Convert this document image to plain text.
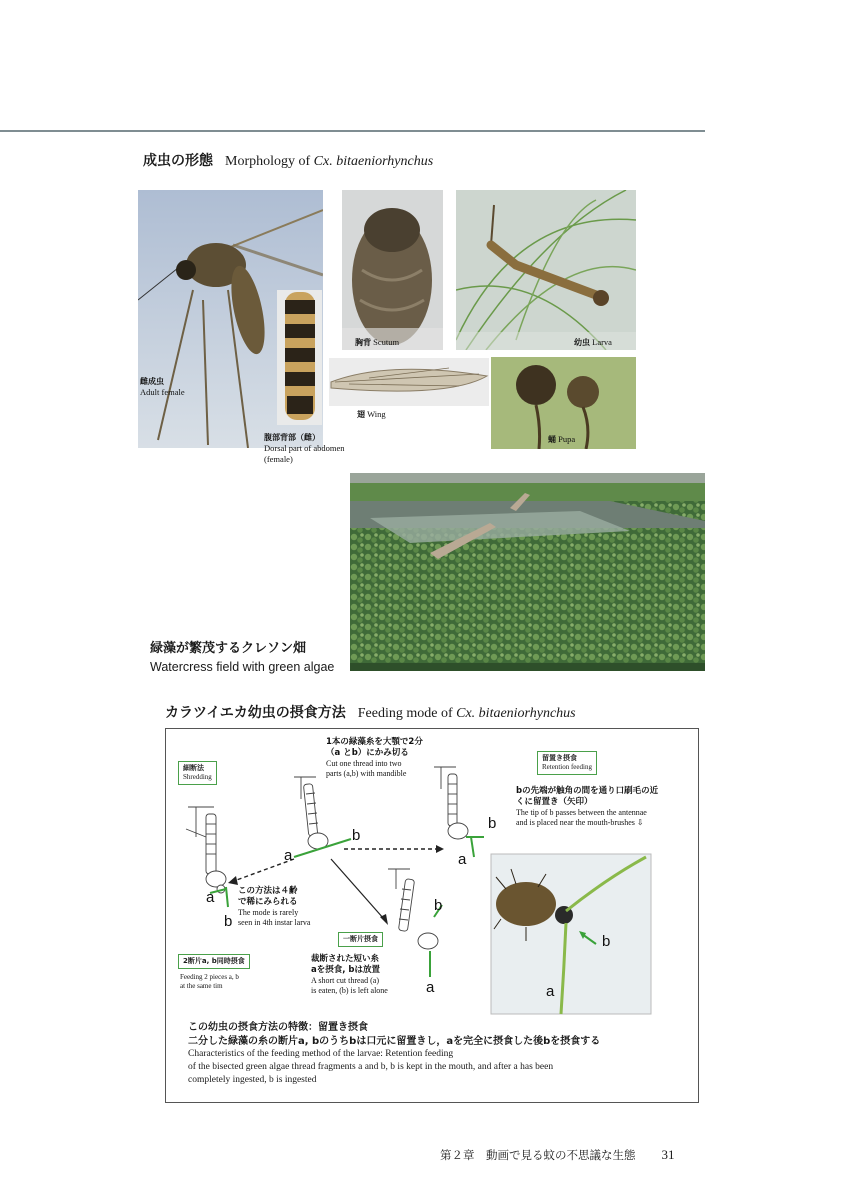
成虫の形態 Morphology of Cx. bitaeniorhynchus
雌成虫
Adult female
腹部背部（雌）
Dorsal part of abdomen
(female)
胸背 Scutum	幼虫 Larva
翅 Wing
蛹 Pupa
緑藻が繁茂するクレソン畑
Watercress field with green algae
カラツイエカ幼虫の摂食方法 Feeding mode of Cx. bitaeniorhynchus
細断法
Shredding
1本の緑藻糸を大顎で2分
（a とb）にかみ切る
Cut one thread into two
parts (a,b) with mandible
留置き摂食
Retention feeding
bの先端が触角の間を通り口刷毛の近
くに留置き（矢印）
The tip of b passes between the antennae
and is placed near the mouth-brushes ⇩
この方法は４齢
で稀にみられる
The mode is rarely
seen in 4th instar larva
2断片a, b同時摂食
Feeding 2 pieces a, b
at the same tim
一断片摂食
裁断された短い糸
aを摂食, bは放置
A short cut thread (a)
is eaten, (b) is left alone
a
b
a
b
a
b
b
a
b
a
この幼虫の摂食方法の特徴：留置き摂食
二分した緑藻の糸の断片a, bのうちbは口元に留置きし，aを完全に摂食した後bを摂食する
Characteristics of the feeding method of the larvae: Retention feeding
of the bisected green algae thread fragments a and b, b is kept in the mouth, and after a has been
completely ingested, b is ingested
第２章　動画で見る蚊の不思議な生態 31
